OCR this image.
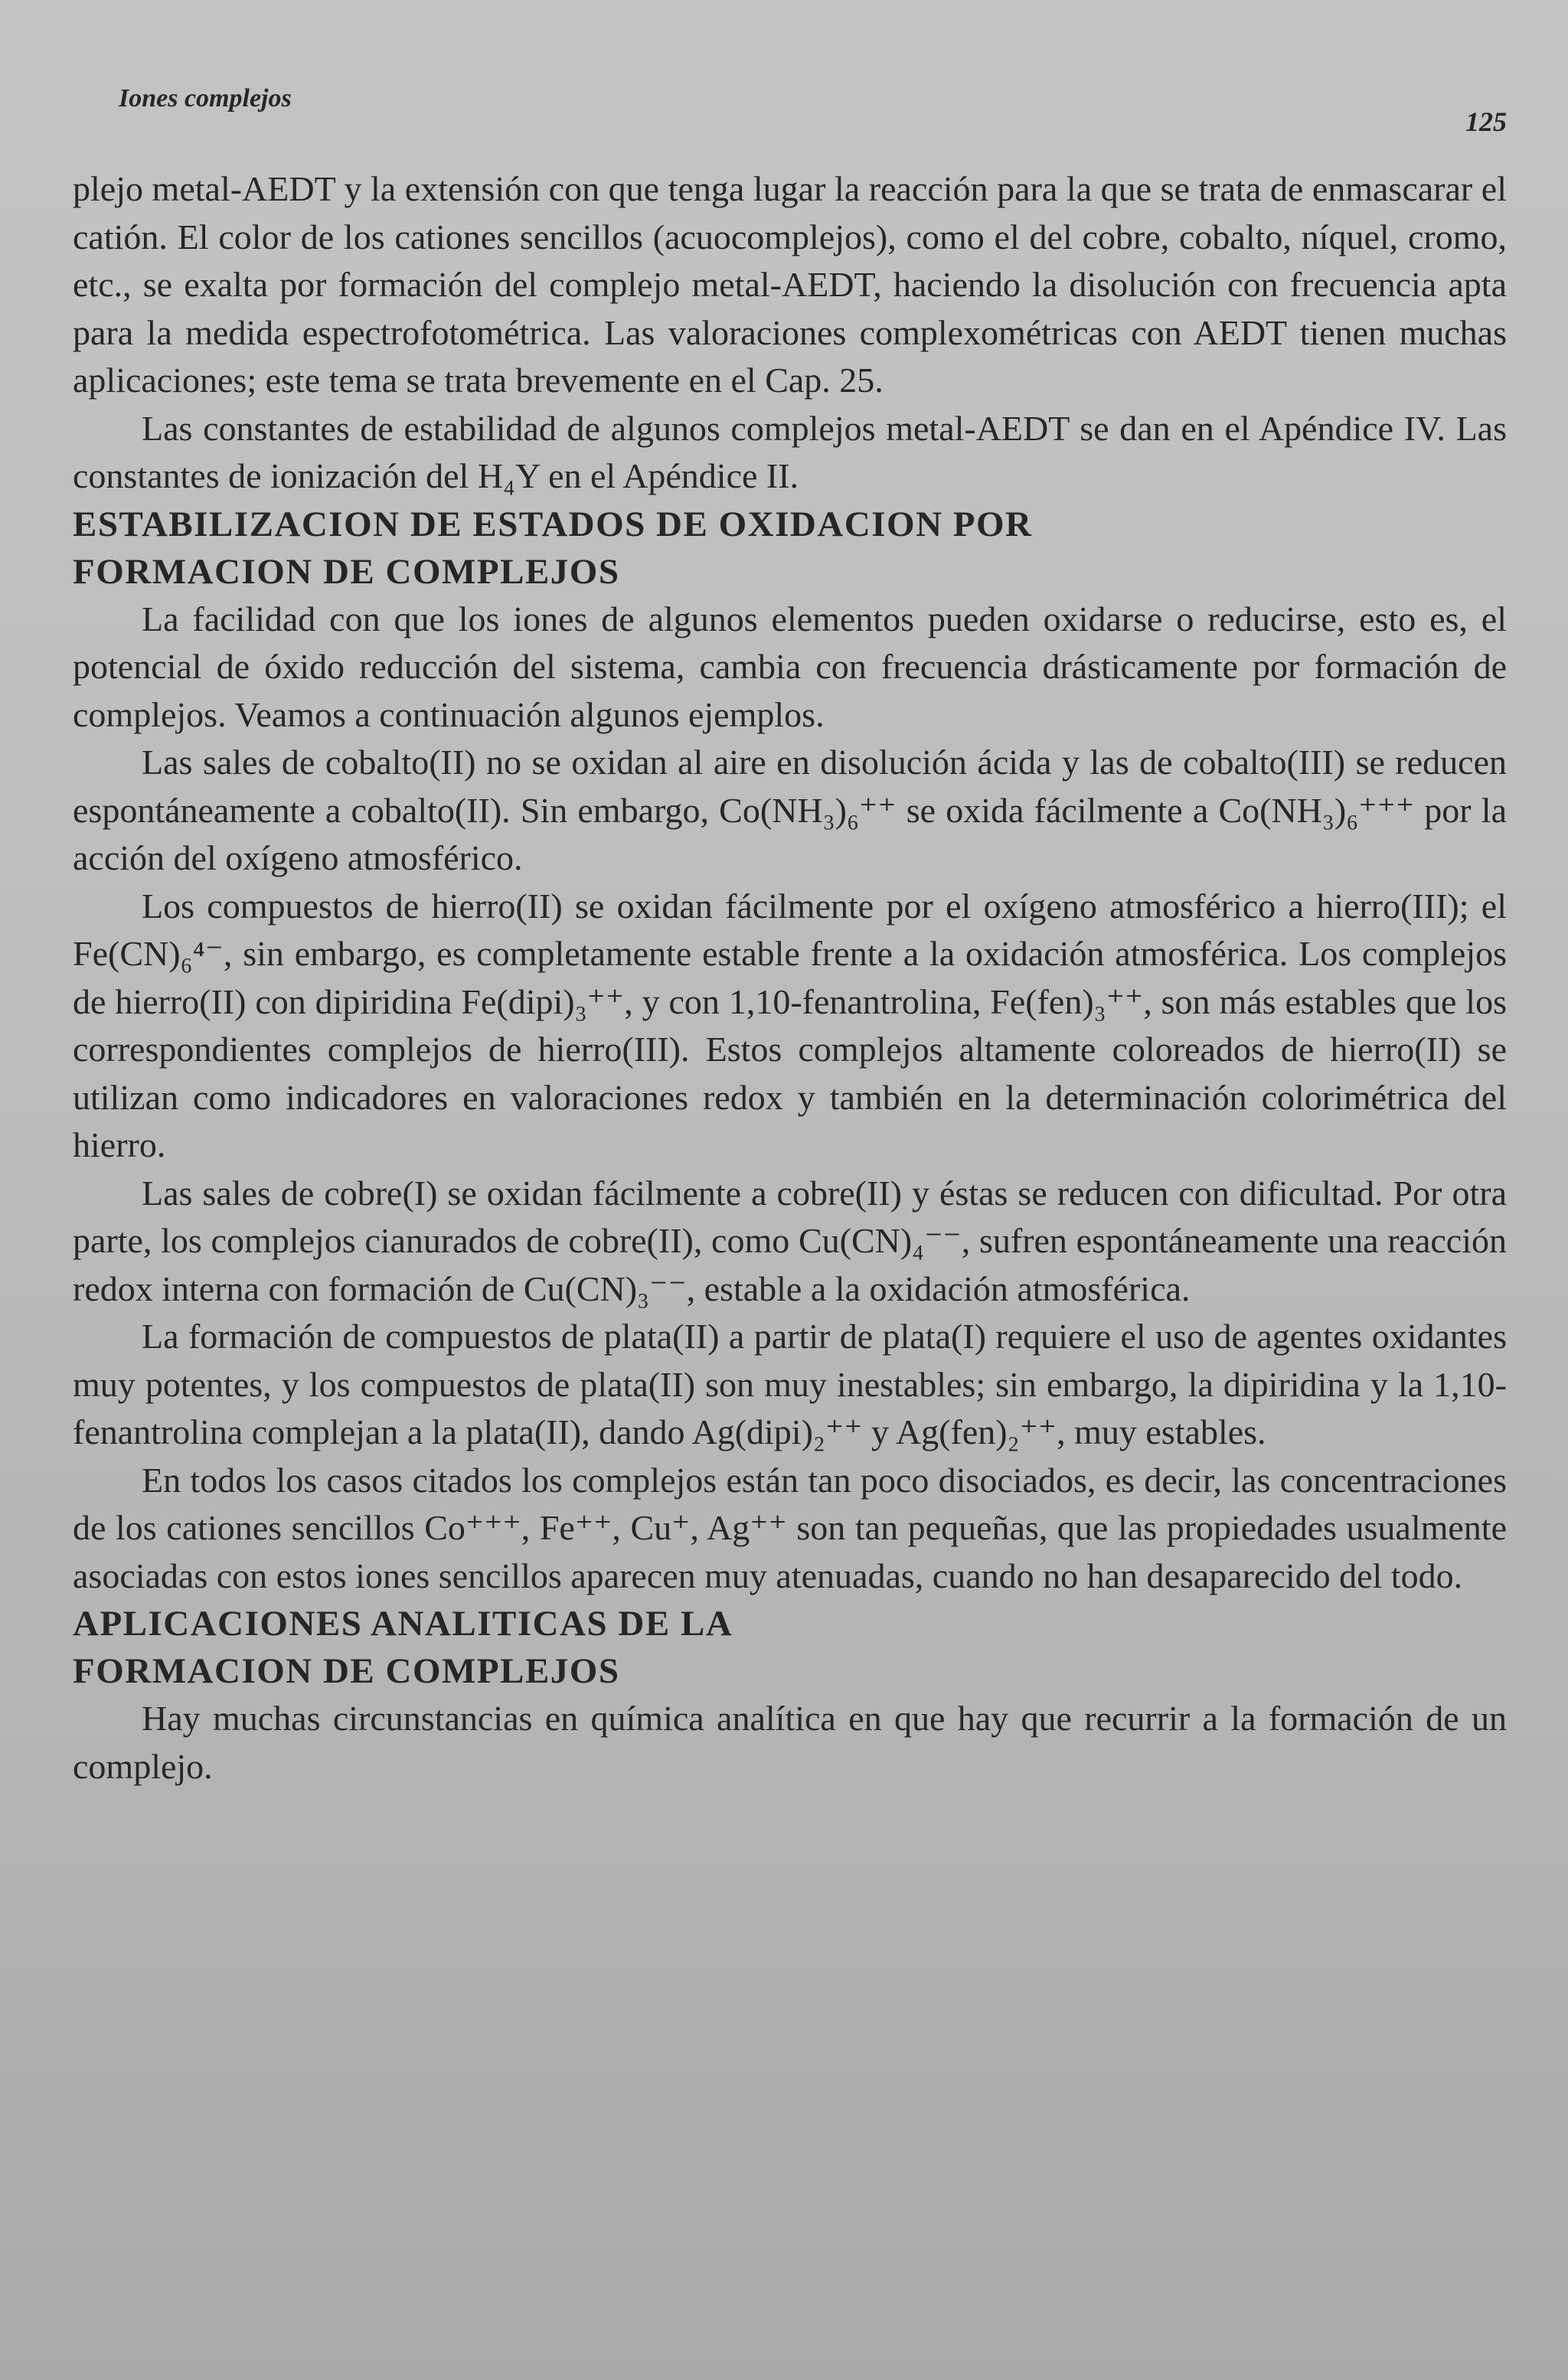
Iones complejos
125

plejo metal-AEDT y la extensión con que tenga lugar la reacción para la que se trata de enmascarar el catión. El color de los cationes sencillos (acuocomplejos), como el del cobre, cobalto, níquel, cromo, etc., se exalta por formación del complejo metal-AEDT, haciendo la disolución con frecuencia apta para la medida espectrofotométrica. Las valoraciones complexométricas con AEDT tienen muchas aplicaciones; este tema se trata brevemente en el Cap. 25.

Las constantes de estabilidad de algunos complejos metal-AEDT se dan en el Apéndice IV. Las constantes de ionización del H₄Y en el Apéndice II.

ESTABILIZACION DE ESTADOS DE OXIDACION POR
FORMACION DE COMPLEJOS

La facilidad con que los iones de algunos elementos pueden oxidarse o reducirse, esto es, el potencial de óxido reducción del sistema, cambia con frecuencia drásticamente por formación de complejos. Veamos a continuación algunos ejemplos.

Las sales de cobalto(II) no se oxidan al aire en disolución ácida y las de cobalto(III) se reducen espontáneamente a cobalto(II). Sin embargo, Co(NH₃)₆⁺⁺ se oxida fácilmente a Co(NH₃)₆⁺⁺⁺ por la acción del oxígeno atmosférico.

Los compuestos de hierro(II) se oxidan fácilmente por el oxígeno atmosférico a hierro(III); el Fe(CN)₆⁴⁻, sin embargo, es completamente estable frente a la oxidación atmosférica. Los complejos de hierro(II) con dipiridina Fe(dipi)₃⁺⁺, y con 1,10-fenantrolina, Fe(fen)₃⁺⁺, son más estables que los correspondientes complejos de hierro(III). Estos complejos altamente coloreados de hierro(II) se utilizan como indicadores en valoraciones redox y también en la determinación colorimétrica del hierro.

Las sales de cobre(I) se oxidan fácilmente a cobre(II) y éstas se reducen con dificultad. Por otra parte, los complejos cianurados de cobre(II), como Cu(CN)₄⁻⁻, sufren espontáneamente una reacción redox interna con formación de Cu(CN)₃⁻⁻, estable a la oxidación atmosférica.

La formación de compuestos de plata(II) a partir de plata(I) requiere el uso de agentes oxidantes muy potentes, y los compuestos de plata(II) son muy inestables; sin embargo, la dipiridina y la 1,10-fenantrolina complejan a la plata(II), dando Ag(dipi)₂⁺⁺ y Ag(fen)₂⁺⁺, muy estables.

En todos los casos citados los complejos están tan poco disociados, es decir, las concentraciones de los cationes sencillos Co⁺⁺⁺, Fe⁺⁺, Cu⁺, Ag⁺⁺ son tan pequeñas, que las propiedades usualmente asociadas con estos iones sencillos aparecen muy atenuadas, cuando no han desaparecido del todo.

APLICACIONES ANALITICAS DE LA
FORMACION DE COMPLEJOS

Hay muchas circunstancias en química analítica en que hay que recurrir a la formación de un complejo.
